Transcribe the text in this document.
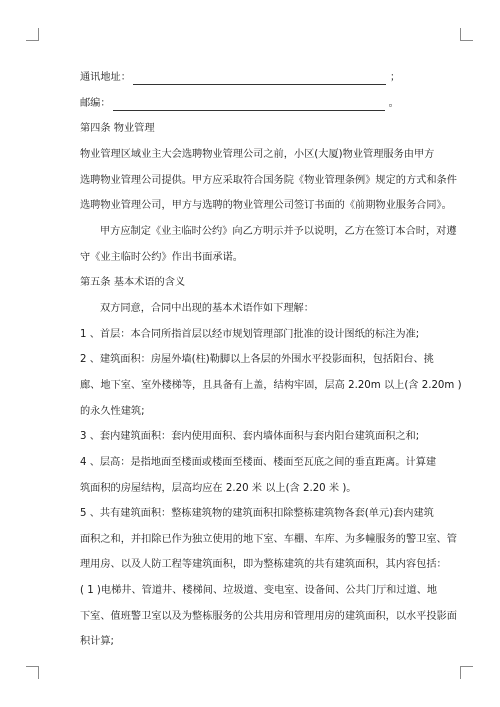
通讯地址：	；
邮编：	。

第四条 物业管理

物业管理区域业主大会选聘物业管理公司之前，小区(大厦)物业管理服务由甲方

选聘物业管理公司提供。甲方应采取符合国务院《物业管理条例》规定的方式和条件

选聘物业管理公司，甲方与选聘的物业管理公司签订书面的《前期物业服务合同》。

甲方应制定《业主临时公约》向乙方明示并予以说明，乙方在签订本合时，对遵

守《业主临时公约》作出书面承诺。

第五条 基本术语的含义

双方同意，合同中出现的基本术语作如下理解：

1 、首层：本合同所指首层以经市规划管理部门批准的设计图纸的标注为准;

2 、建筑面积：房屋外墙(柱)勒脚以上各层的外围水平投影面积，包括阳台、挑

廊、地下室、室外楼梯等，且具备有上盖，结构牢固，层高 2.20m 以上(含 2.20m )

的永久性建筑;

3 、套内建筑面积：套内使用面积、套内墙体面积与套内阳台建筑面积之和;

4 、层高：是指地面至楼面或楼面至楼面、楼面至瓦底之间的垂直距离。计算建

筑面积的房屋结构，层高均应在 2.20 米 以上(含 2.20 米 )。

5 、共有建筑面积：整栋建筑物的建筑面积扣除整栋建筑物各套(单元)套内建筑

面积之和，并扣除已作为独立使用的地下室、车棚、车库、为多幢服务的警卫室、管

理用房、以及人防工程等建筑面积，即为整栋建筑的共有建筑面积，其内容包括：

( 1 )电梯井、管道井、楼梯间、垃圾道、变电室、设备间、公共门厅和过道、地

下室、值班警卫室以及为整栋服务的公共用房和管理用房的建筑面积，以水平投影面

积计算;
